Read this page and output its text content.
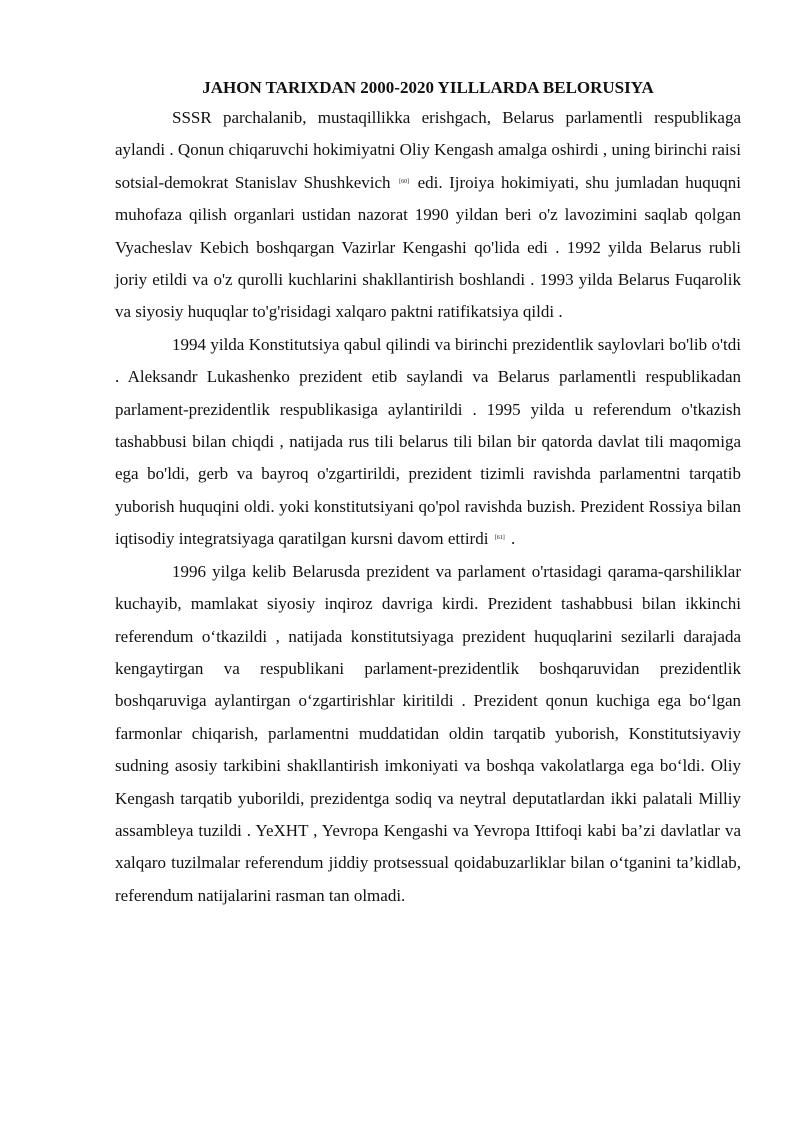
JAHON TARIXDAN 2000-2020 YILLLARDA BELORUSIYA

SSSR parchalanib, mustaqillikka erishgach, Belarus parlamentli respublikaga aylandi . Qonun chiqaruvchi hokimiyatni Oliy Kengash amalga oshirdi , uning birinchi raisi sotsial-demokrat Stanislav Shushkevich [60] edi. Ijroiya hokimiyati, shu jumladan huquqni muhofaza qilish organlari ustidan nazorat 1990 yildan beri o'z lavozimini saqlab qolgan Vyacheslav Kebich boshqargan Vazirlar Kengashi qo'lida edi . 1992 yilda Belarus rubli joriy etildi va o'z qurolli kuchlarini shakllantirish boshlandi . 1993 yilda Belarus Fuqarolik va siyosiy huquqlar to'g'risidagi xalqaro paktni ratifikatsiya qildi .

1994 yilda Konstitutsiya qabul qilindi va birinchi prezidentlik saylovlari bo'lib o'tdi . Aleksandr Lukashenko prezident etib saylandi va Belarus parlamentli respublikadan parlament-prezidentlik respublikasiga aylantirildi . 1995 yilda u referendum o'tkazish tashabbusi bilan chiqdi , natijada rus tili belarus tili bilan bir qatorda davlat tili maqomiga ega bo'ldi, gerb va bayroq o'zgartirildi, prezident tizimli ravishda parlamentni tarqatib yuborish huquqini oldi. yoki konstitutsiyani qo'pol ravishda buzish. Prezident Rossiya bilan iqtisodiy integratsiyaga qaratilgan kursni davom ettirdi [61] .

1996 yilga kelib Belarusda prezident va parlament o'rtasidagi qarama-qarshiliklar kuchayib, mamlakat siyosiy inqiroz davriga kirdi. Prezident tashabbusi bilan ikkinchi referendum o‘tkazildi , natijada konstitutsiyaga prezident huquqlarini sezilarli darajada kengaytirgan va respublikani parlament-prezidentlik boshqaruvidan prezidentlik boshqaruviga aylantirgan o‘zgartirishlar kiritildi . Prezident qonun kuchiga ega bo‘lgan farmonlar chiqarish, parlamentni muddatidan oldin tarqatib yuborish, Konstitutsiyaviy sudning asosiy tarkibini shakllantirish imkoniyati va boshqa vakolatlarga ega bo‘ldi. Oliy Kengash tarqatib yuborildi, prezidentga sodiq va neytral deputatlardan ikki palatali Milliy assambleya tuzildi . YeXHT , Yevropa Kengashi va Yevropa Ittifoqi kabi ba’zi davlatlar va xalqaro tuzilmalar referendum jiddiy protsessual qoidabuzarliklar bilan o‘tganini ta’kidlab, referendum natijalarini rasman tan olmadi.
